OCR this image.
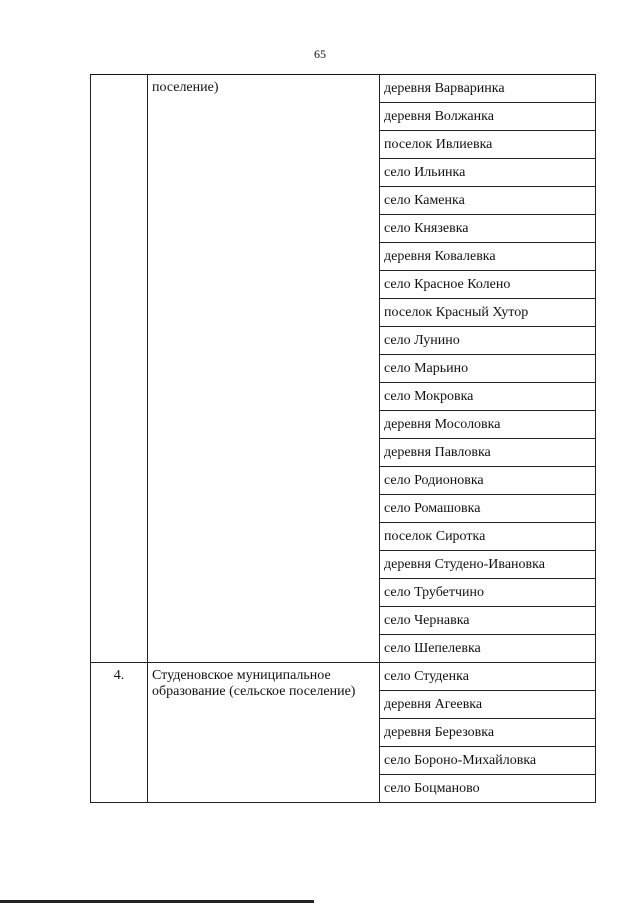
65
	поселение)	деревня Варваринка
		деревня Волжанка
		поселок Ивлиевка
		село Ильинка
		село Каменка
		село Князевка
		деревня Ковалевка
		село Красное Колено
		поселок Красный Хутор
		село Лунино
		село Марьино
		село Мокровка
		деревня Мосоловка
		деревня Павловка
		село Родионовка
		село Ромашовка
		поселок Сиротка
		деревня Студено-Ивановка
		село Трубетчино
		село Чернавка
		село Шепелевка
4.	Студеновское муниципальное образование (сельское поселение)	село Студенка
		деревня Агеевка
		деревня Березовка
		село Бороно-Михайловка
		село Боцманово
